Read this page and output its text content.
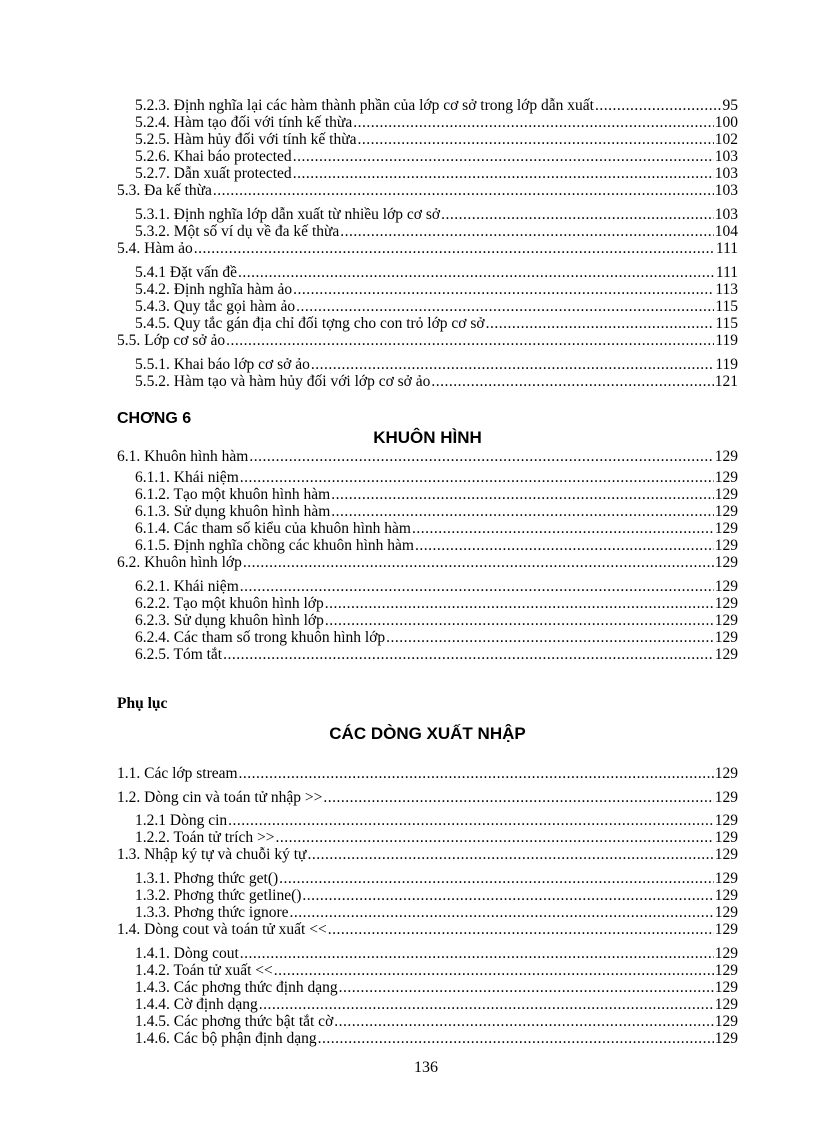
5.2.3. Định nghĩa lại các hàm thành phần của lớp cơ sở trong lớp dẫn xuất .....	95
5.2.4. Hàm tạo đối với tính kế thừa .....	100
5.2.5. Hàm hủy đối với tính kế thừa .....	102
5.2.6. Khai báo protected .....	103
5.2.7. Dẫn xuất protected .....	103
5.3. Đa kế thừa .....	103
5.3.1. Định nghĩa lớp dẫn xuất từ nhiều lớp cơ sở .....	103
5.3.2. Một số ví dụ về đa kế thừa .....	104
5.4. Hàm ảo .....	111
5.4.1 Đặt vấn đề .....	111
5.4.2. Định nghĩa hàm ảo .....	113
5.4.3. Quy tắc gọi hàm ảo .....	115
5.4.5. Quy tắc gán địa chỉ đối tợng cho con trỏ lớp cơ sở .....	115
5.5. Lớp cơ sở ảo .....	119
5.5.1. Khai báo lớp cơ sở ảo .....	119
5.5.2. Hàm tạo và hàm hủy đối với lớp cơ sở ảo .....	121
CHƠNG 6
KHUÔN HÌNH
6.1. Khuôn hình hàm .....	129
6.1.1. Khái niệm .....	129
6.1.2. Tạo một khuôn hình hàm .....	129
6.1.3. Sử dụng khuôn hình hàm .....	129
6.1.4. Các tham số kiểu của khuôn hình hàm .....	129
6.1.5. Định nghĩa chồng các khuôn hình hàm .....	129
6.2. Khuôn hình lớp .....	129
6.2.1. Khái niệm .....	129
6.2.2. Tạo một khuôn hình lớp .....	129
6.2.3. Sử dụng khuôn hình lớp .....	129
6.2.4. Các tham số trong khuôn hình lớp .....	129
6.2.5. Tóm tắt .....	129
Phụ lục
CÁC DÒNG XUẤT NHẬP
1.1. Các lớp stream .....	129
1.2. Dòng cin và toán tử nhập >> .....	129
1.2.1 Dòng cin .....	129
1.2.2. Toán tử trích >> .....	129
1.3. Nhập ký tự và chuỗi ký tự .....	129
1.3.1. Phơng thức get() .....	129
1.3.2. Phơng thức getline() .....	129
1.3.3. Phơng thức ignore .....	129
1.4. Dòng cout và toán tử xuất << .....	129
1.4.1. Dòng cout .....	129
1.4.2. Toán tử xuất << .....	129
1.4.3. Các phơng thức định dạng .....	129
1.4.4. Cờ định dạng .....	129
1.4.5. Các phơng thức bật tắt cờ .....	129
1.4.6. Các bộ phận định dạng .....	129
136
